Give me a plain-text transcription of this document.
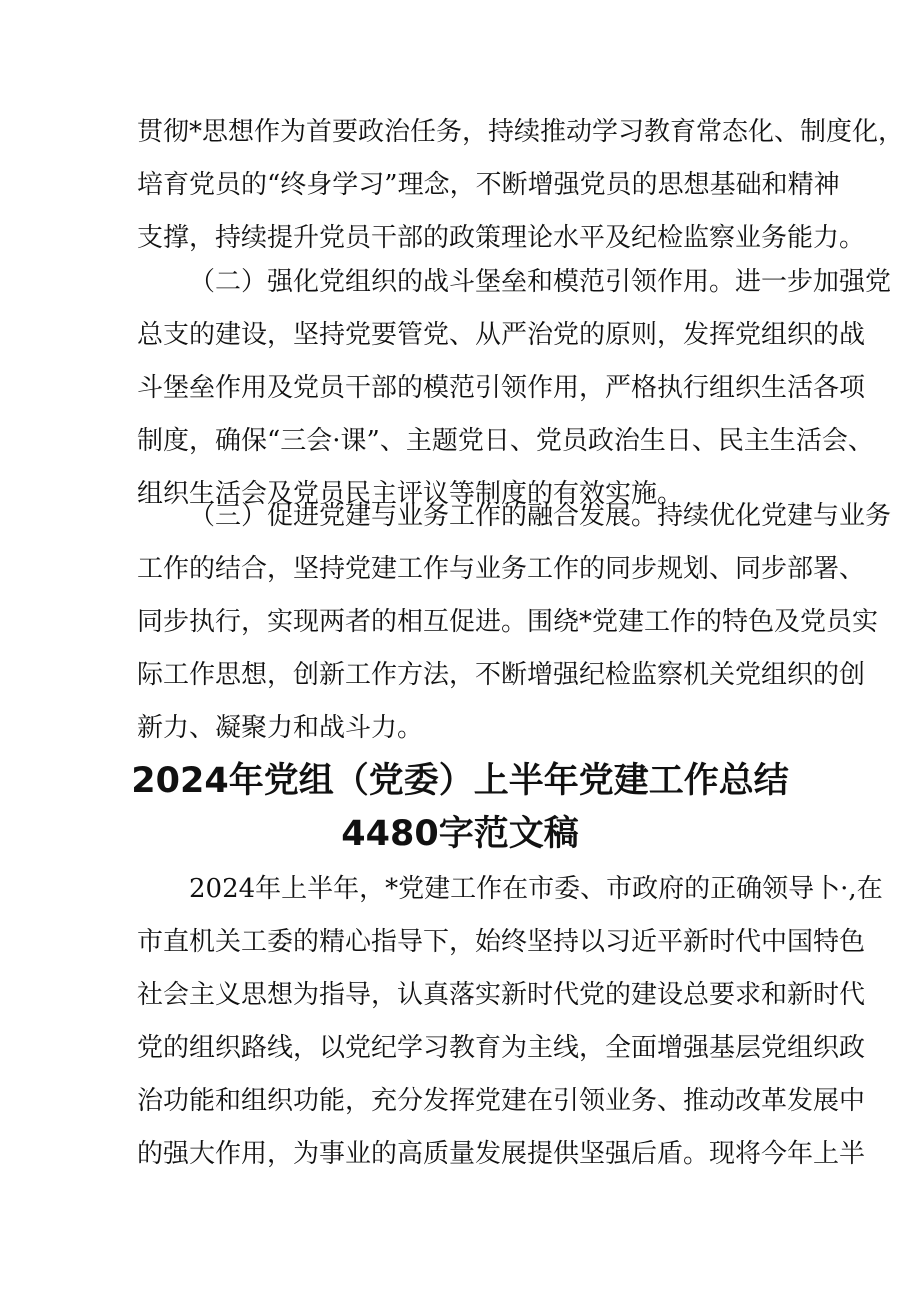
贯彻*思想作为首要政治任务，持续推动学习教育常态化、制度化，
培育党员的“终身学习”理念，不断增强党员的思想基础和精神
支撑，持续提升党员干部的政策理论水平及纪检监察业务能力。

（二）强化党组织的战斗堡垒和模范引领作用。进一步加强党
总支的建设，坚持党要管党、从严治党的原则，发挥党组织的战
斗堡垒作用及党员干部的模范引领作用，严格执行组织生活各项
制度，确保“三会·课”、主题党日、党员政治生日、民主生活会、
组织生活会及党员民主评议等制度的有效实施。

（三）促进党建与业务工作的融合发展。持续优化党建与业务
工作的结合，坚持党建工作与业务工作的同步规划、同步部署、
同步执行，实现两者的相互促进。围绕*党建工作的特色及党员实
际工作思想，创新工作方法，不断增强纪检监察机关党组织的创
新力、凝聚力和战斗力。

2024年党组（党委）上半年党建工作总结
4480字范文稿

2024年上半年，*党建工作在市委、市政府的正确领导卜·,在
市直机关工委的精心指导下，始终坚持以习近平新时代中国特色
社会主义思想为指导，认真落实新时代党的建设总要求和新时代
党的组织路线，以党纪学习教育为主线，全面增强基层党组织政
治功能和组织功能，充分发挥党建在引领业务、推动改革发展中
的强大作用，为事业的高质量发展提供坚强后盾。现将今年上半
